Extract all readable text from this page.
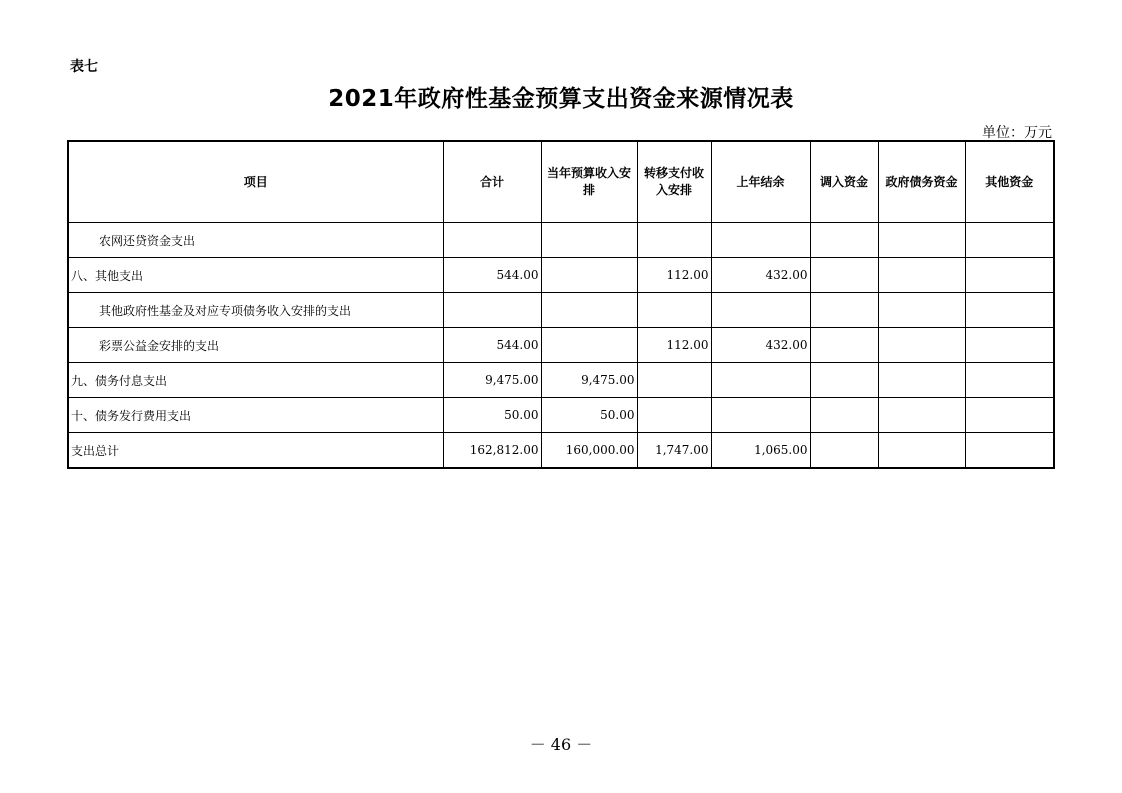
表七
2021年政府性基金预算支出资金来源情况表
单位：万元
项目	合计	当年预算收入安排	转移支付收入安排	上年结余	调入资金	政府债务资金	其他资金
农网还贷资金支出							
八、其他支出	544.00		112.00	432.00			
其他政府性基金及对应专项债务收入安排的支出							
彩票公益金安排的支出	544.00		112.00	432.00			
九、债务付息支出	9,475.00	9,475.00					
十、债务发行费用支出	50.00	50.00					
支出总计	162,812.00	160,000.00	1,747.00	1,065.00			
－ 46 －
